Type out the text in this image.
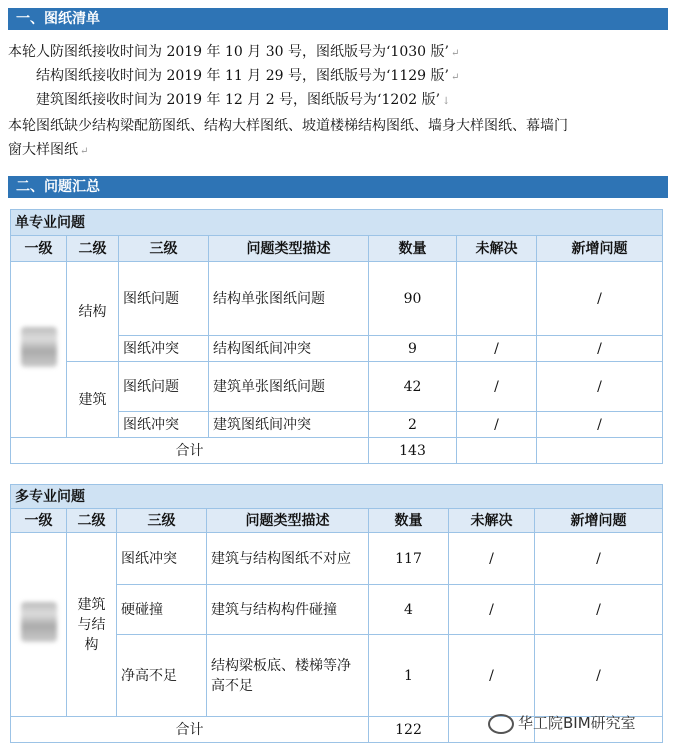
一、图纸清单
本轮人防图纸接收时间为 2019 年 10 月 30 号，图纸版号为‘1030 版’ ↵
结构图纸接收时间为 2019 年 11 月 29 号，图纸版号为‘1129 版’ ↵
建筑图纸接收时间为 2019 年 12 月 2 号，图纸版号为‘1202 版’ ↓
本轮图纸缺少结构梁配筋图纸、结构大样图纸、坡道楼梯结构图纸、墙身大样图纸、幕墙门
窗大样图纸 ↵
二、问题汇总
单专业问题						
一级	二级	三级	问题类型描述	数量	未解决	新增问题
	结构	图纸问题	结构单张图纸问题	90		/
		图纸冲突	结构图纸间冲突	9	/	/
	建筑	图纸问题	建筑单张图纸问题	42	/	/
		图纸冲突	建筑图纸间冲突	2	/	/
合计				143		
多专业问题						
一级	二级	三级	问题类型描述	数量	未解决	新增问题
	建筑与结构	图纸冲突	建筑与结构图纸不对应	117	/	/
		硬碰撞	建筑与结构构件碰撞	4	/	/
		净高不足	结构梁板底、楼梯等净高不足	1	/	/
合计				122			华工院BIM研究室
